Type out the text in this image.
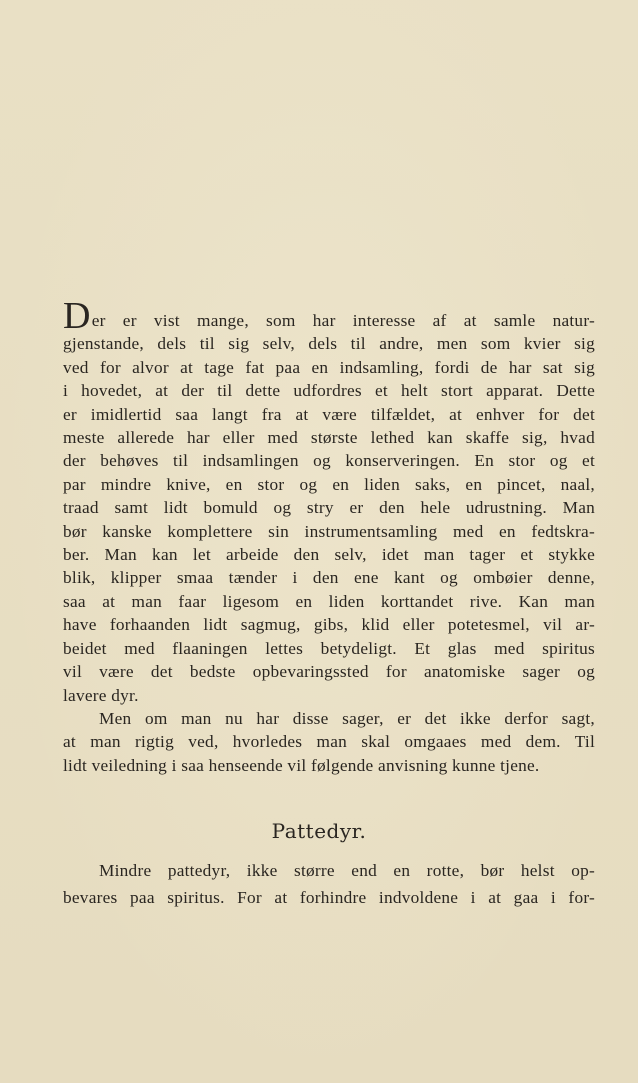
Der er vist mange, som har interesse af at samle natur-
gjenstande, dels til sig selv, dels til andre, men som kvier sig
ved for alvor at tage fat paa en indsamling, fordi de har sat sig
i hovedet, at der til dette udfordres et helt stort apparat. Dette
er imidlertid saa langt fra at være tilfældet, at enhver for det
meste allerede har eller med største lethed kan skaffe sig, hvad
der behøves til indsamlingen og konserveringen. En stor og et
par mindre knive, en stor og en liden saks, en pincet, naal,
traad samt lidt bomuld og stry er den hele udrustning. Man
bør kanske komplettere sin instrumentsamling med en fedtskra-
ber. Man kan let arbeide den selv, idet man tager et stykke
blik, klipper smaa tænder i den ene kant og ombøier denne,
saa at man faar ligesom en liden korttandet rive. Kan man
have forhaanden lidt sagmug, gibs, klid eller potetesmel, vil ar-
beidet med flaaningen lettes betydeligt. Et glas med spiritus
vil være det bedste opbevaringssted for anatomiske sager og
lavere dyr.

Men om man nu har disse sager, er det ikke derfor sagt,
at man rigtig ved, hvorledes man skal omgaaes med dem. Til
lidt veiledning i saa henseende vil følgende anvisning kunne tjene.

Pattedyr.

Mindre pattedyr, ikke større end en rotte, bør helst op-
bevares paa spiritus. For at forhindre indvoldene i at gaa i for-
